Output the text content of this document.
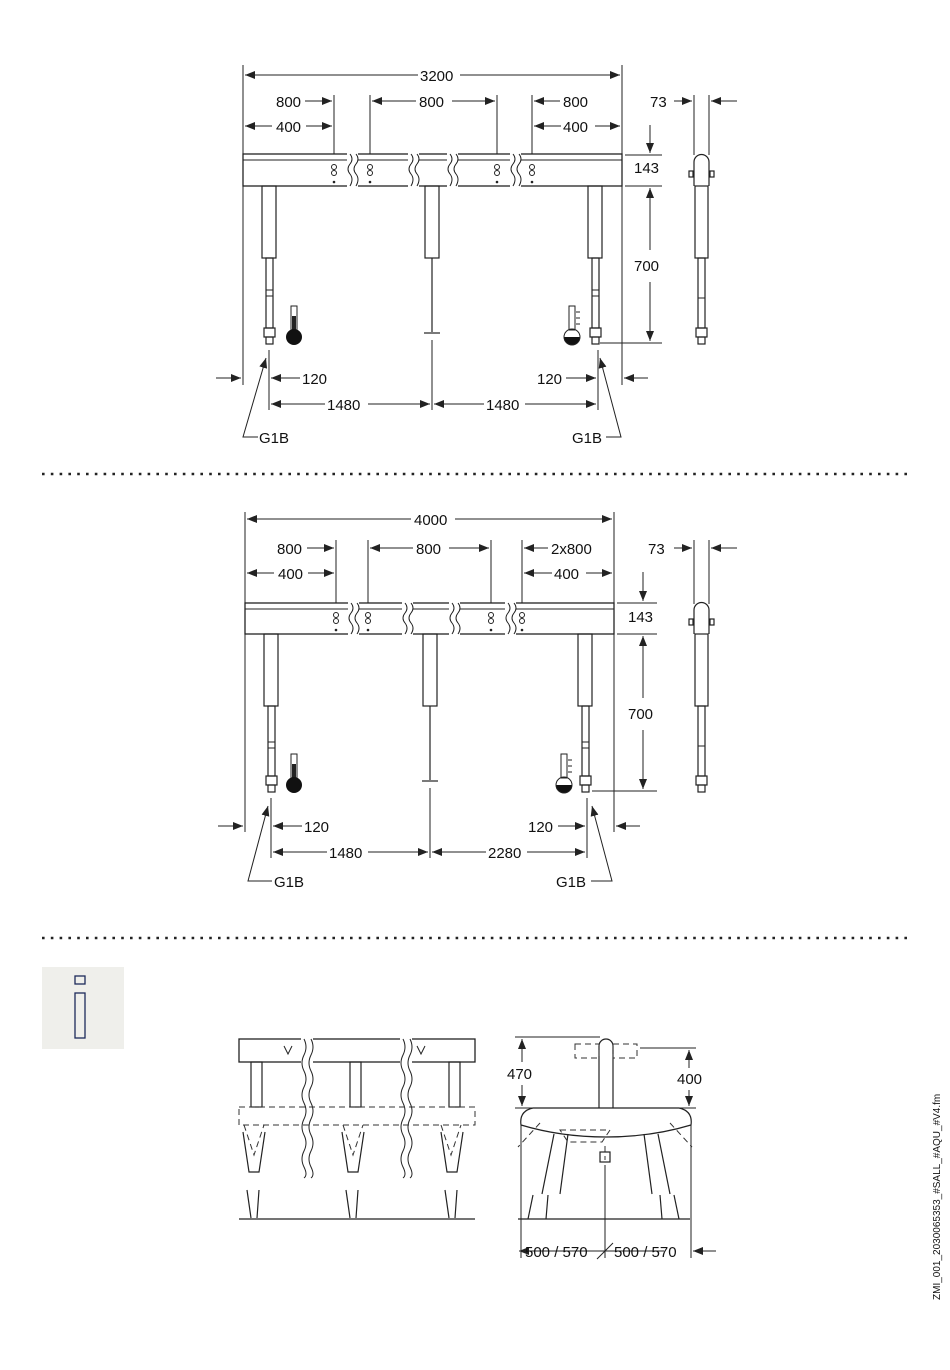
3200
800	800	800
400	400
73
143
700
120	120
1480	1480
G1B	G1B
4000
800	800	2x800
400	400
73
143
700
120	120
1480	2280
G1B	G1B
470	400
500 / 570 500 / 570	ZMI_001_2030065353_#SALL_#AQU_#V4.fm
